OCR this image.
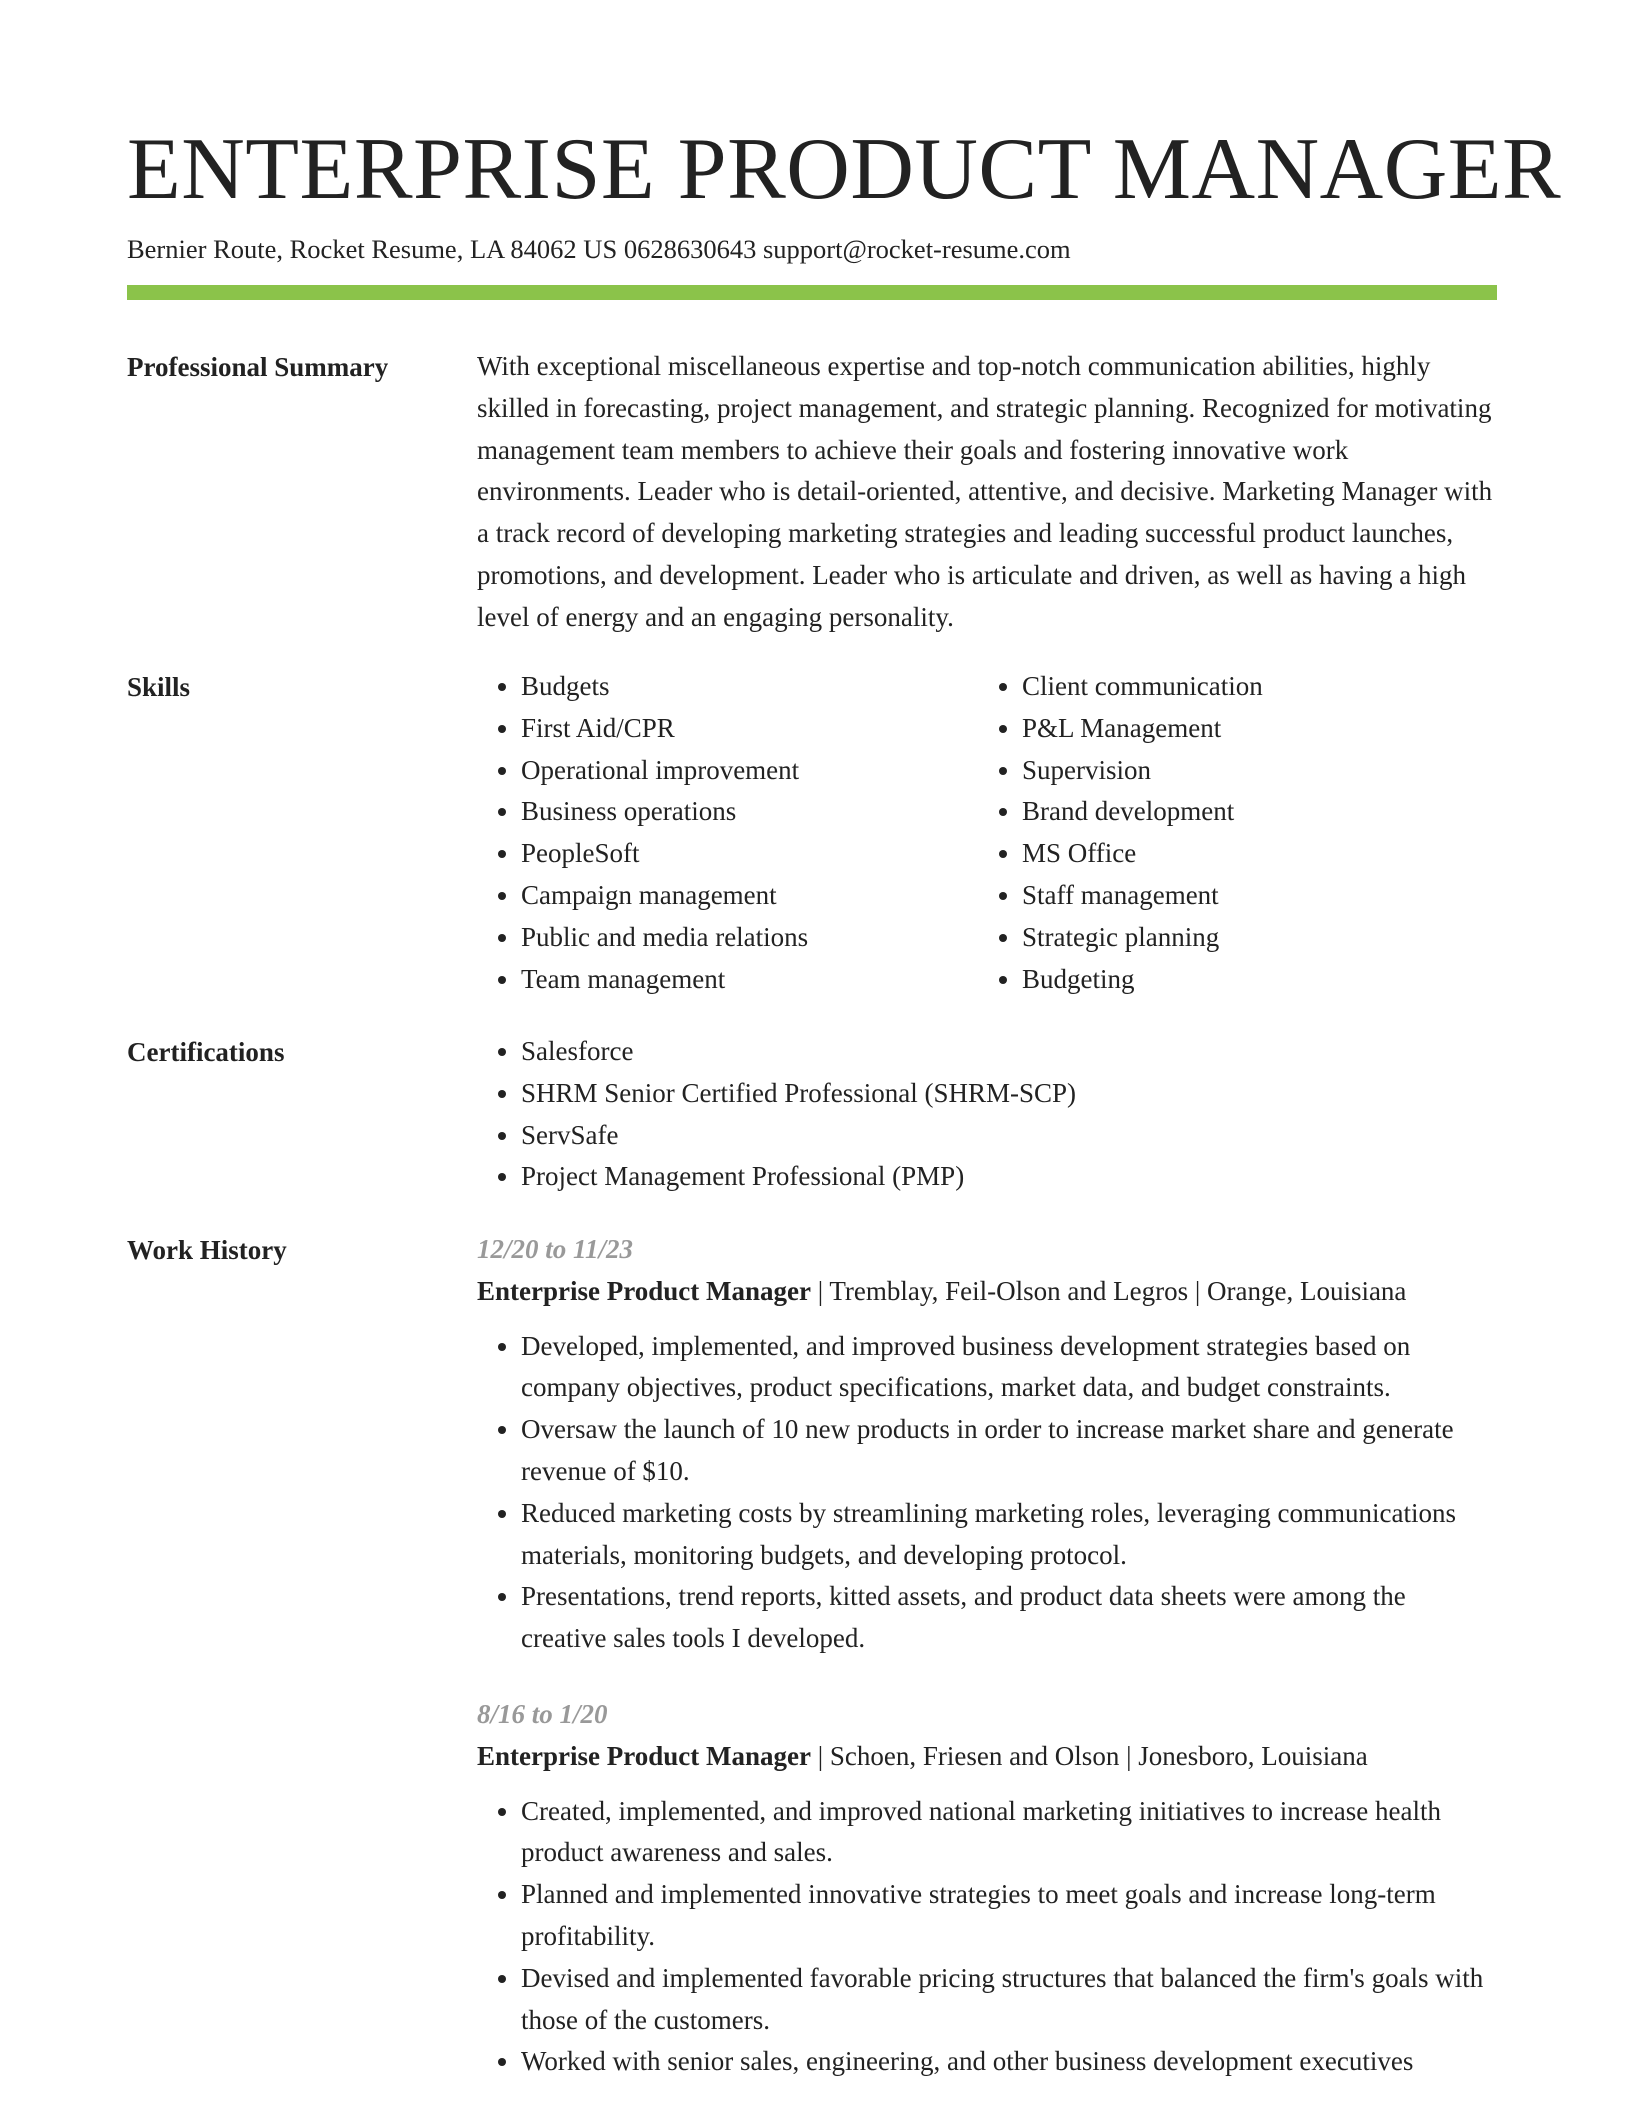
ENTERPRISE PRODUCT MANAGER
Bernier Route, Rocket Resume, LA 84062 US 0628630643 support@rocket-resume.com
Professional Summary	With exceptional miscellaneous expertise and top-notch communication abilities, highly skilled in forecasting, project management, and strategic planning. Recognized for motivating management team members to achieve their goals and fostering innovative work environments. Leader who is detail-oriented, attentive, and decisive. Marketing Manager with a track record of developing marketing strategies and leading successful product launches, promotions, and development. Leader who is articulate and driven, as well as having a high level of energy and an engaging personality.

Skills	• Budgets
• First Aid/CPR
• Operational improvement
• Business operations
• PeopleSoft
• Campaign management
• Public and media relations
• Team management
• Client communication
• P&L Management
• Supervision
• Brand development
• MS Office
• Staff management
• Strategic planning
• Budgeting
Certifications	• Salesforce
• SHRM Senior Certified Professional (SHRM-SCP)
• ServSafe
• Project Management Professional (PMP)
Work History	12/20 to 11/23
Enterprise Product Manager | Tremblay, Feil-Olson and Legros | Orange, Louisiana
• Developed, implemented, and improved business development strategies based on company objectives, product specifications, market data, and budget constraints.
• Oversaw the launch of 10 new products in order to increase market share and generate revenue of $10.
• Reduced marketing costs by streamlining marketing roles, leveraging communications materials, monitoring budgets, and developing protocol.
• Presentations, trend reports, kitted assets, and product data sheets were among the creative sales tools I developed.
8/16 to 1/20
Enterprise Product Manager | Schoen, Friesen and Olson | Jonesboro, Louisiana
• Created, implemented, and improved national marketing initiatives to increase health product awareness and sales.
• Planned and implemented innovative strategies to meet goals and increase long-term profitability.
• Devised and implemented favorable pricing structures that balanced the firm's goals with those of the customers.
• Worked with senior sales, engineering, and other business development executives
